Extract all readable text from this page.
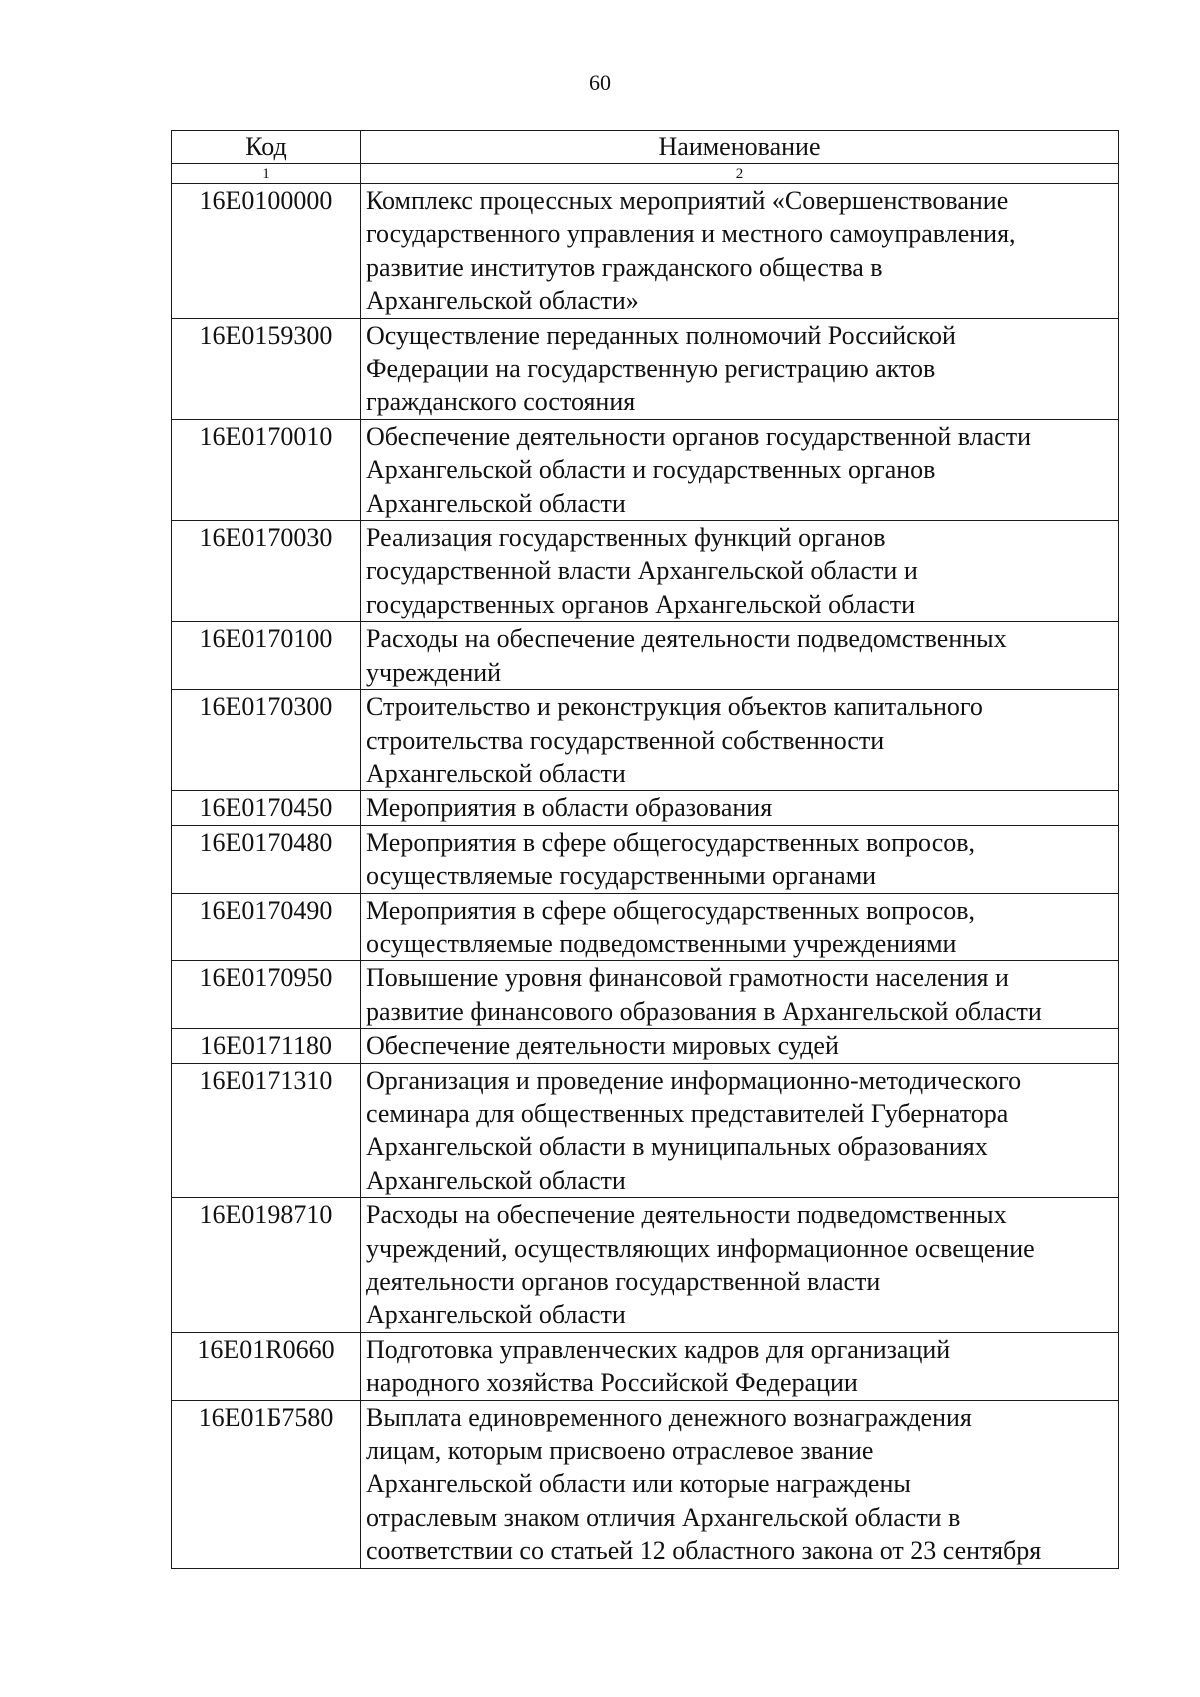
60
Код	Наименование
1	2
16Е0100000	Комплекс процессных мероприятий «Совершенствование
государственного управления и местного самоуправления,
развитие институтов гражданского общества в
Архангельской области»

16Е0159300	Осуществление переданных полномочий Российской
Федерации на государственную регистрацию актов
гражданского состояния

16Е0170010	Обеспечение деятельности органов государственной власти
Архангельской области и государственных органов
Архангельской области

16Е0170030	Реализация государственных функций органов
государственной власти Архангельской области и
государственных органов Архангельской области

16Е0170100	Расходы на обеспечение деятельности подведомственных
учреждений

16Е0170300	Строительство и реконструкция объектов капитального
строительства государственной собственности
Архангельской области

16Е0170450	Мероприятия в области образования

16Е0170480	Мероприятия в сфере общегосударственных вопросов,
осуществляемые государственными органами

16Е0170490	Мероприятия в сфере общегосударственных вопросов,
осуществляемые подведомственными учреждениями

16Е0170950	Повышение уровня финансовой грамотности населения и
развитие финансового образования в Архангельской области

16Е0171180	Обеспечение деятельности мировых судей

16Е0171310	Организация и проведение информационно-методического
семинара для общественных представителей Губернатора
Архангельской области в муниципальных образованиях
Архангельской области

16Е0198710	Расходы на обеспечение деятельности подведомственных
учреждений, осуществляющих информационное освещение
деятельности органов государственной власти
Архангельской области

16Е01R0660	Подготовка управленческих кадров для организаций
народного хозяйства Российской Федерации

16Е01Б7580	Выплата единовременного денежного вознаграждения
лицам, которым присвоено отраслевое звание
Архангельской области или которые награждены
отраслевым знаком отличия Архангельской области в
соответствии со статьей 12 областного закона от 23 сентября
